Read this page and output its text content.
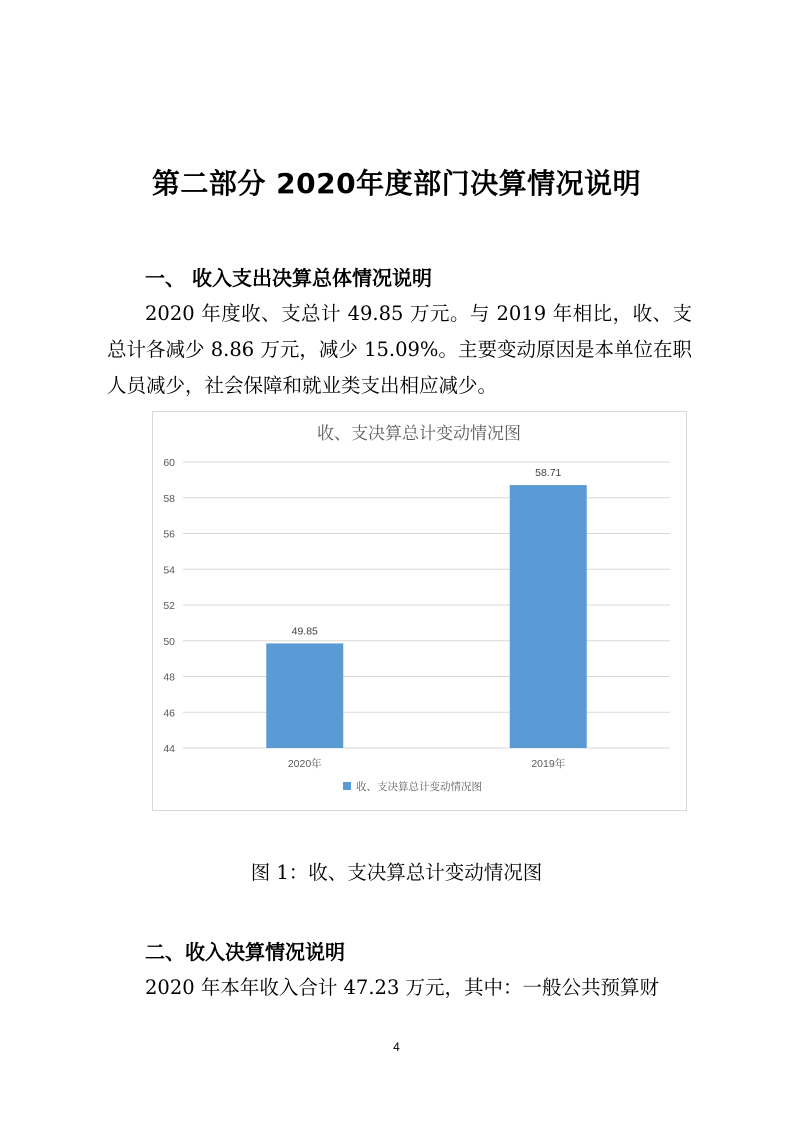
第二部分 2020年度部门决算情况说明
一、 收入支出决算总体情况说明
2020 年度收、支总计 49.85 万元。与 2019 年相比，收、支总计各减少 8.86 万元，减少 15.09%。主要变动原因是本单位在职人员减少，社会保障和就业类支出相应减少。
收、支决算总计变动情况图
44
46
48
50
52
54
56
58
60
49.85
2020年
58.71
2019年
收、支决算总计变动情况图
图 1：收、支决算总计变动情况图
二、收入决算情况说明
2020 年本年收入合计 47.23 万元，其中：一般公共预算财
4
